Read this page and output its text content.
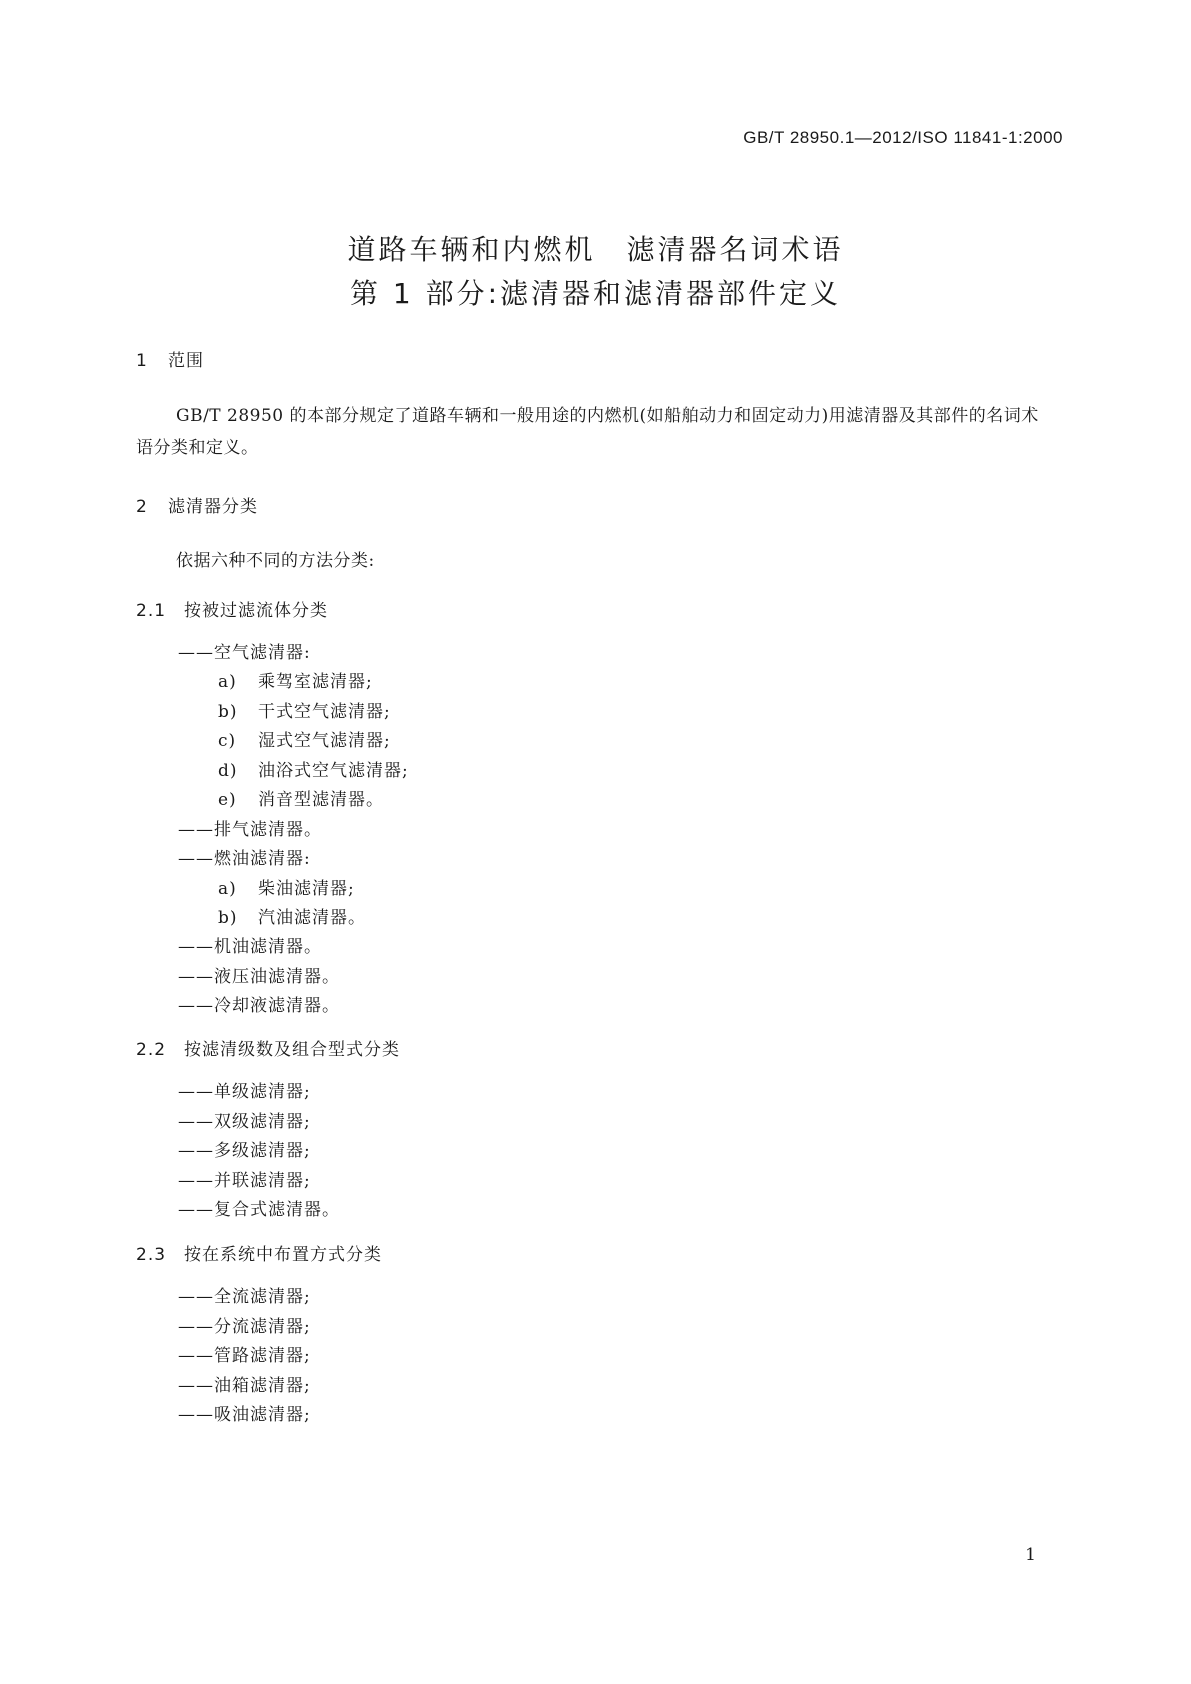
GB/T 28950.1—2012/ISO 11841-1:2000
道路车辆和内燃机　滤清器名词术语
第 1 部分:滤清器和滤清器部件定义
1 范围
GB/T 28950 的本部分规定了道路车辆和一般用途的内燃机(如船舶动力和固定动力)用滤清器及其部件的名词术语分类和定义。
2 滤清器分类
依据六种不同的方法分类:
2.1 按被过滤流体分类
——空气滤清器:
a) 乘驾室滤清器;
b) 干式空气滤清器;
c) 湿式空气滤清器;
d) 油浴式空气滤清器;
e) 消音型滤清器。
——排气滤清器。
——燃油滤清器:
a) 柴油滤清器;
b) 汽油滤清器。
——机油滤清器。
——液压油滤清器。
——冷却液滤清器。
2.2 按滤清级数及组合型式分类
——单级滤清器;
——双级滤清器;
——多级滤清器;
——并联滤清器;
——复合式滤清器。
2.3 按在系统中布置方式分类
——全流滤清器;
——分流滤清器;
——管路滤清器;
——油箱滤清器;
——吸油滤清器;
1
